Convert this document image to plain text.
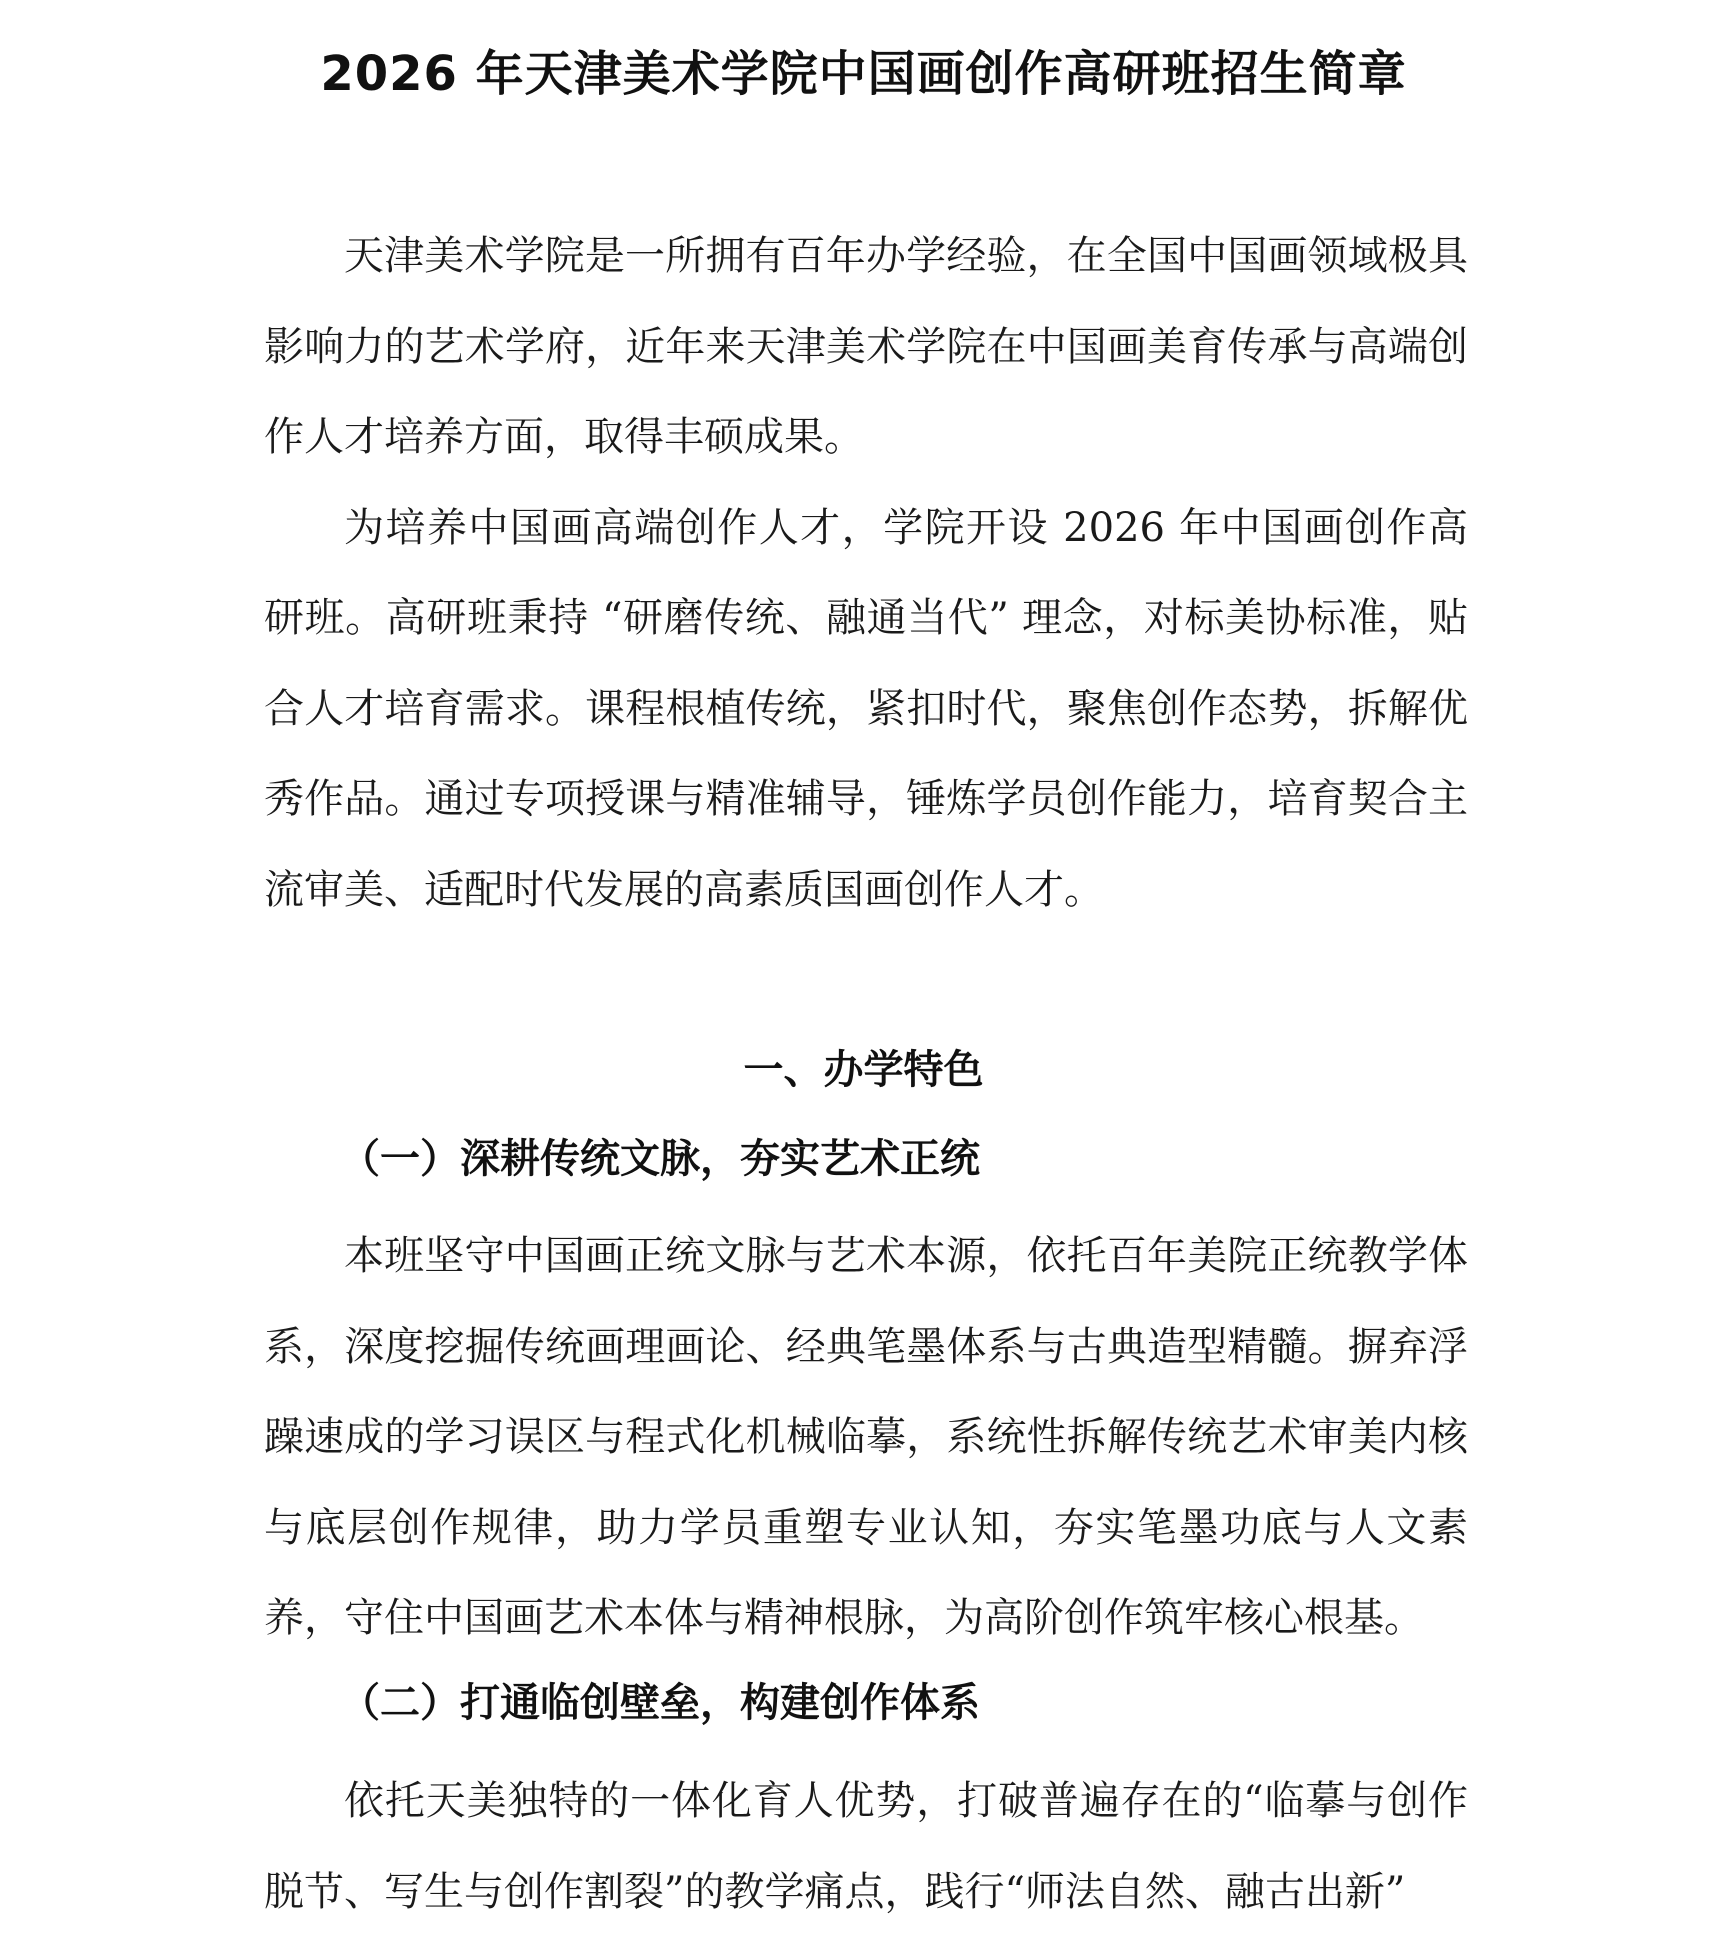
2026 年天津美术学院中国画创作高研班招生简章

天津美术学院是一所拥有百年办学经验，在全国中国画领域极具影响力的艺术学府，近年来天津美术学院在中国画美育传承与高端创作人才培养方面，取得丰硕成果。

为培养中国画高端创作人才，学院开设 2026 年中国画创作高研班。高研班秉持 “研磨传统、融通当代” 理念，对标美协标准，贴合人才培育需求。课程根植传统，紧扣时代，聚焦创作态势，拆解优秀作品。通过专项授课与精准辅导，锤炼学员创作能力，培育契合主流审美、适配时代发展的高素质国画创作人才。

一、办学特色
（一）深耕传统文脉，夯实艺术正统

本班坚守中国画正统文脉与艺术本源，依托百年美院正统教学体系，深度挖掘传统画理画论、经典笔墨体系与古典造型精髓。摒弃浮躁速成的学习误区与程式化机械临摹，系统性拆解传统艺术审美内核与底层创作规律，助力学员重塑专业认知，夯实笔墨功底与人文素养，守住中国画艺术本体与精神根脉，为高阶创作筑牢核心根基。

（二）打通临创壁垒，构建创作体系

依托天美独特的一体化育人优势，打破普遍存在的“临摹与创作脱节、写生与创作割裂”的教学痛点，践行“师法自然、融古出新”
